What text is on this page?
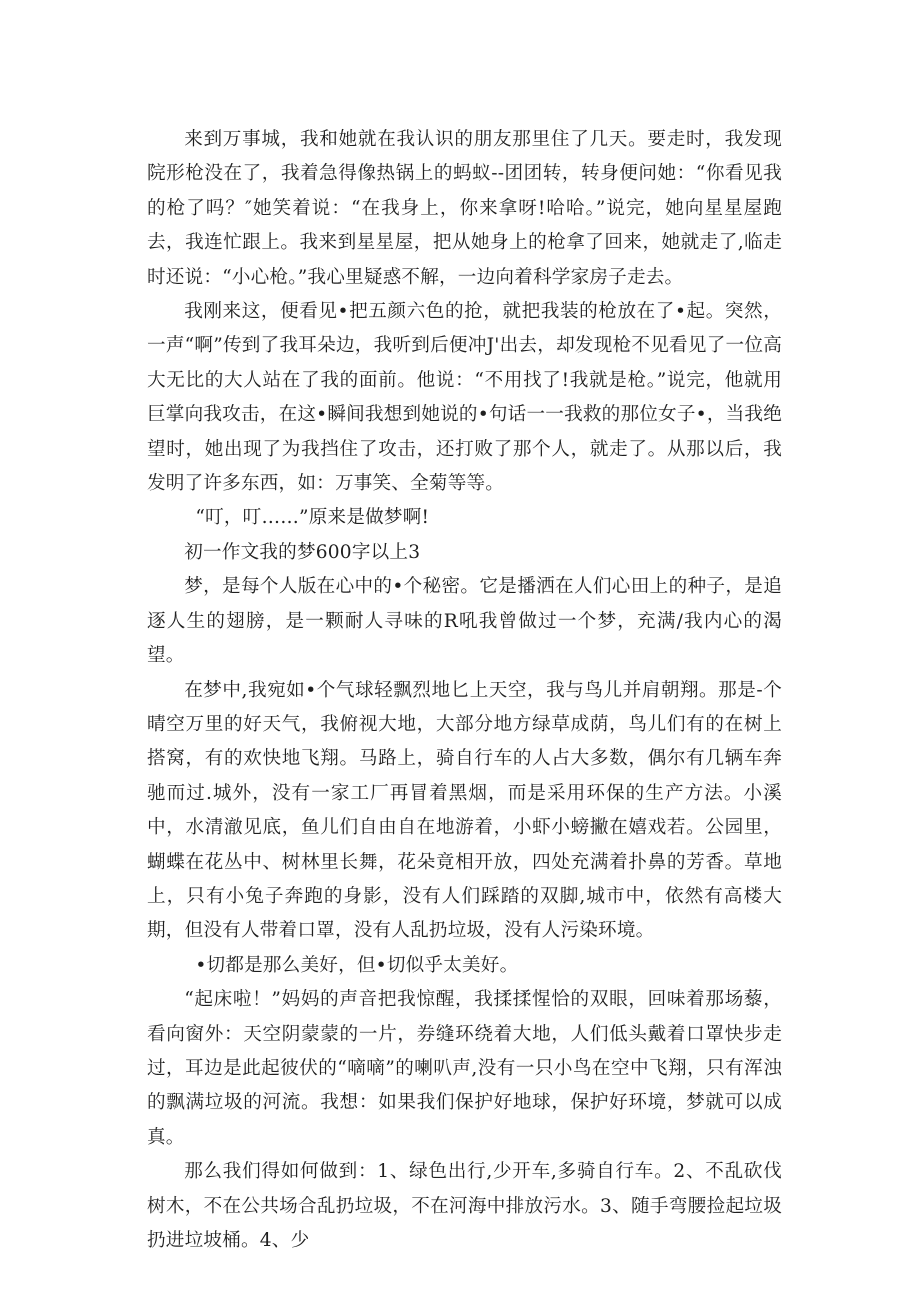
来到万事城，我和她就在我认识的朋友那里住了几天。要走时，我发现院形枪没在了，我着急得像热锅上的蚂蚁--团团转，转身便问她：“你看见我的枪了吗？″她笑着说：“在我身上，你来拿呀!哈哈。”说完，她向星星屋跑去，我连忙跟上。我来到星星屋，把从她身上的枪拿了回来，她就走了,临走时还说：“小心枪。”我心里疑惑不解，一边向着科学家房子走去。

我刚来这，便看见•把五颜六色的抢，就把我装的枪放在了•起。突然，一声“啊”传到了我耳朵边，我听到后便冲J'出去，却发现枪不见看见了一位高大无比的大人站在了我的面前。他说：“不用找了!我就是枪。”说完，他就用巨掌向我攻击，在这•瞬间我想到她说的•句话一一我救的那位女子•，当我绝望时，她出现了为我挡住了攻击，还打败了那个人，就走了。从那以后，我发明了许多东西，如：万事笑、全菊等等。

“叮，叮……”原来是做梦啊!

初一作文我的梦600字以上3

梦，是每个人版在心中的•个秘密。它是播洒在人们心田上的种子，是追逐人生的翅膀，是一颗耐人寻味的R吼我曾做过一个梦，充满/我内心的渴望。

在梦中,我宛如•个气球轻飘烈地匕上天空，我与鸟儿并肩朝翔。那是-个晴空万里的好天气，我俯视大地，大部分地方绿草成荫，鸟儿们有的在树上搭窝，有的欢快地飞翔。马路上，骑自行车的人占大多数，偶尔有几辆车奔驰而过.城外，没有一家工厂再冒着黑烟，而是采用环保的生产方法。小溪中，水清澈见底，鱼儿们自由自在地游着，小虾小螃撇在嬉戏若。公园里，蝴蝶在花丛中、树林里长舞，花朵竟相开放，四处充满着扑鼻的芳香。草地上，只有小兔子奔跑的身影，没有人们踩踏的双脚,城市中，依然有高楼大期，但没有人带着口罩，没有人乱扔垃圾，没有人污染环境。

•切都是那么美好，但•切似乎太美好。

“起床啦！”妈妈的声音把我惊醒，我揉揉惺恰的双眼，回味着那场藜，看向窗外：天空阴蒙蒙的一片，券缝环绕着大地，人们低头戴着口罩快步走过，耳边是此起彼伏的“嘀嘀”的喇叭声,没有一只小鸟在空中飞翔，只有浑浊的飘满垃圾的河流。我想：如果我们保护好地球，保护好环境，梦就可以成真。

那么我们得如何做到：1、绿色出行,少开车,多骑自行车。2、不乱砍伐树木，不在公共场合乱扔垃圾，不在河海中排放污水。3、随手弯腰捡起垃圾扔进垃坡桶。4、少
